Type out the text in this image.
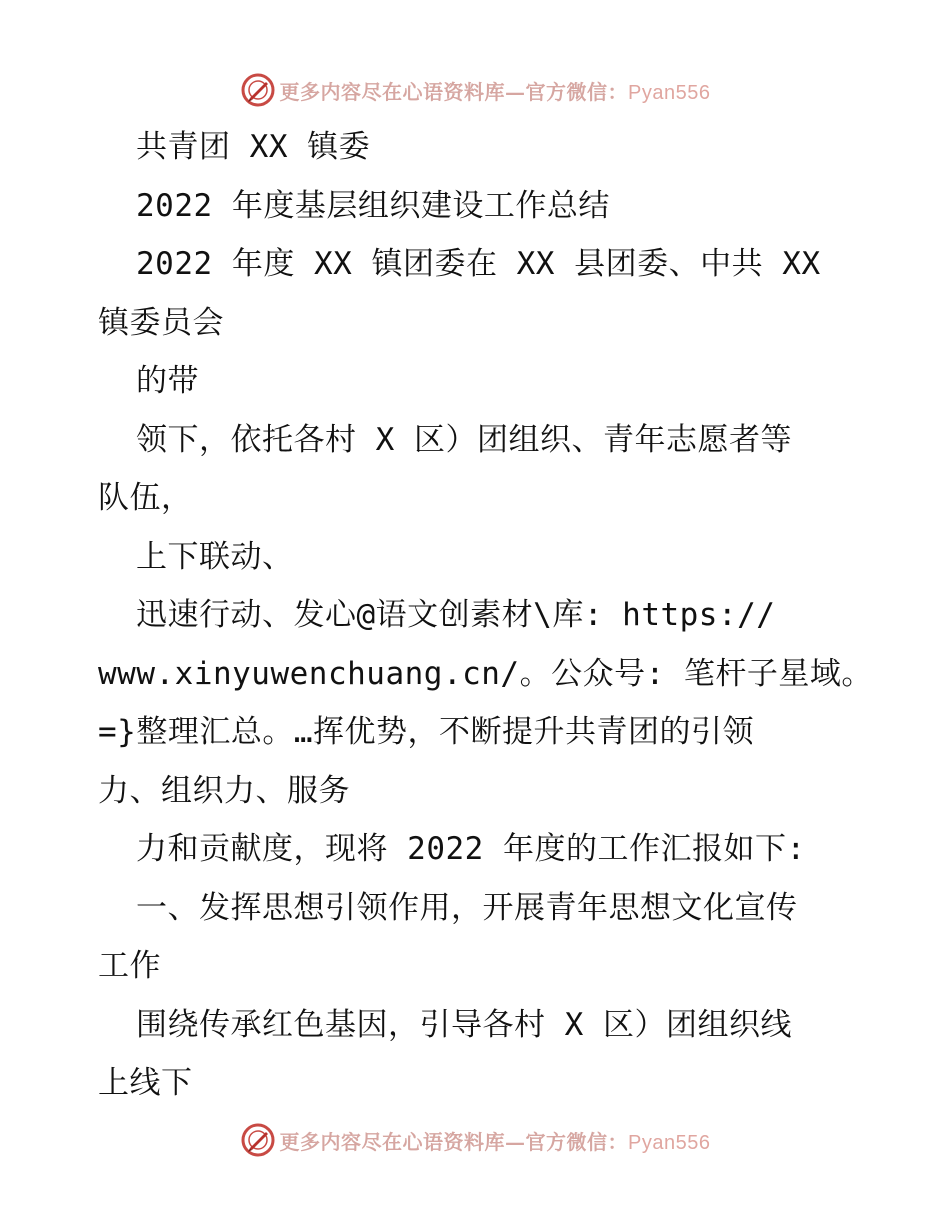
更多内容尽在心语资料库—官方微信：Pyan556
共青团 XX 镇委
2022 年度基层组织建设工作总结
2022 年度 XX 镇团委在 XX 县团委、中共 XX
镇委员会
的带
领下，依托各村 X 区）团组织、青年志愿者等
队伍，
上下联动、
迅速行动、发心@语文创素材\库: https://
www.xinyuwenchuang.cn/。公众号: 笔杆子星域。
=}整理汇总。…挥优势，不断提升共青团的引领
力、组织力、服务
力和贡献度，现将 2022 年度的工作汇报如下:
一、发挥思想引领作用，开展青年思想文化宣传
工作
围绕传承红色基因，引导各村 X 区）团组织线
上线下
更多内容尽在心语资料库—官方微信：Pyan556
